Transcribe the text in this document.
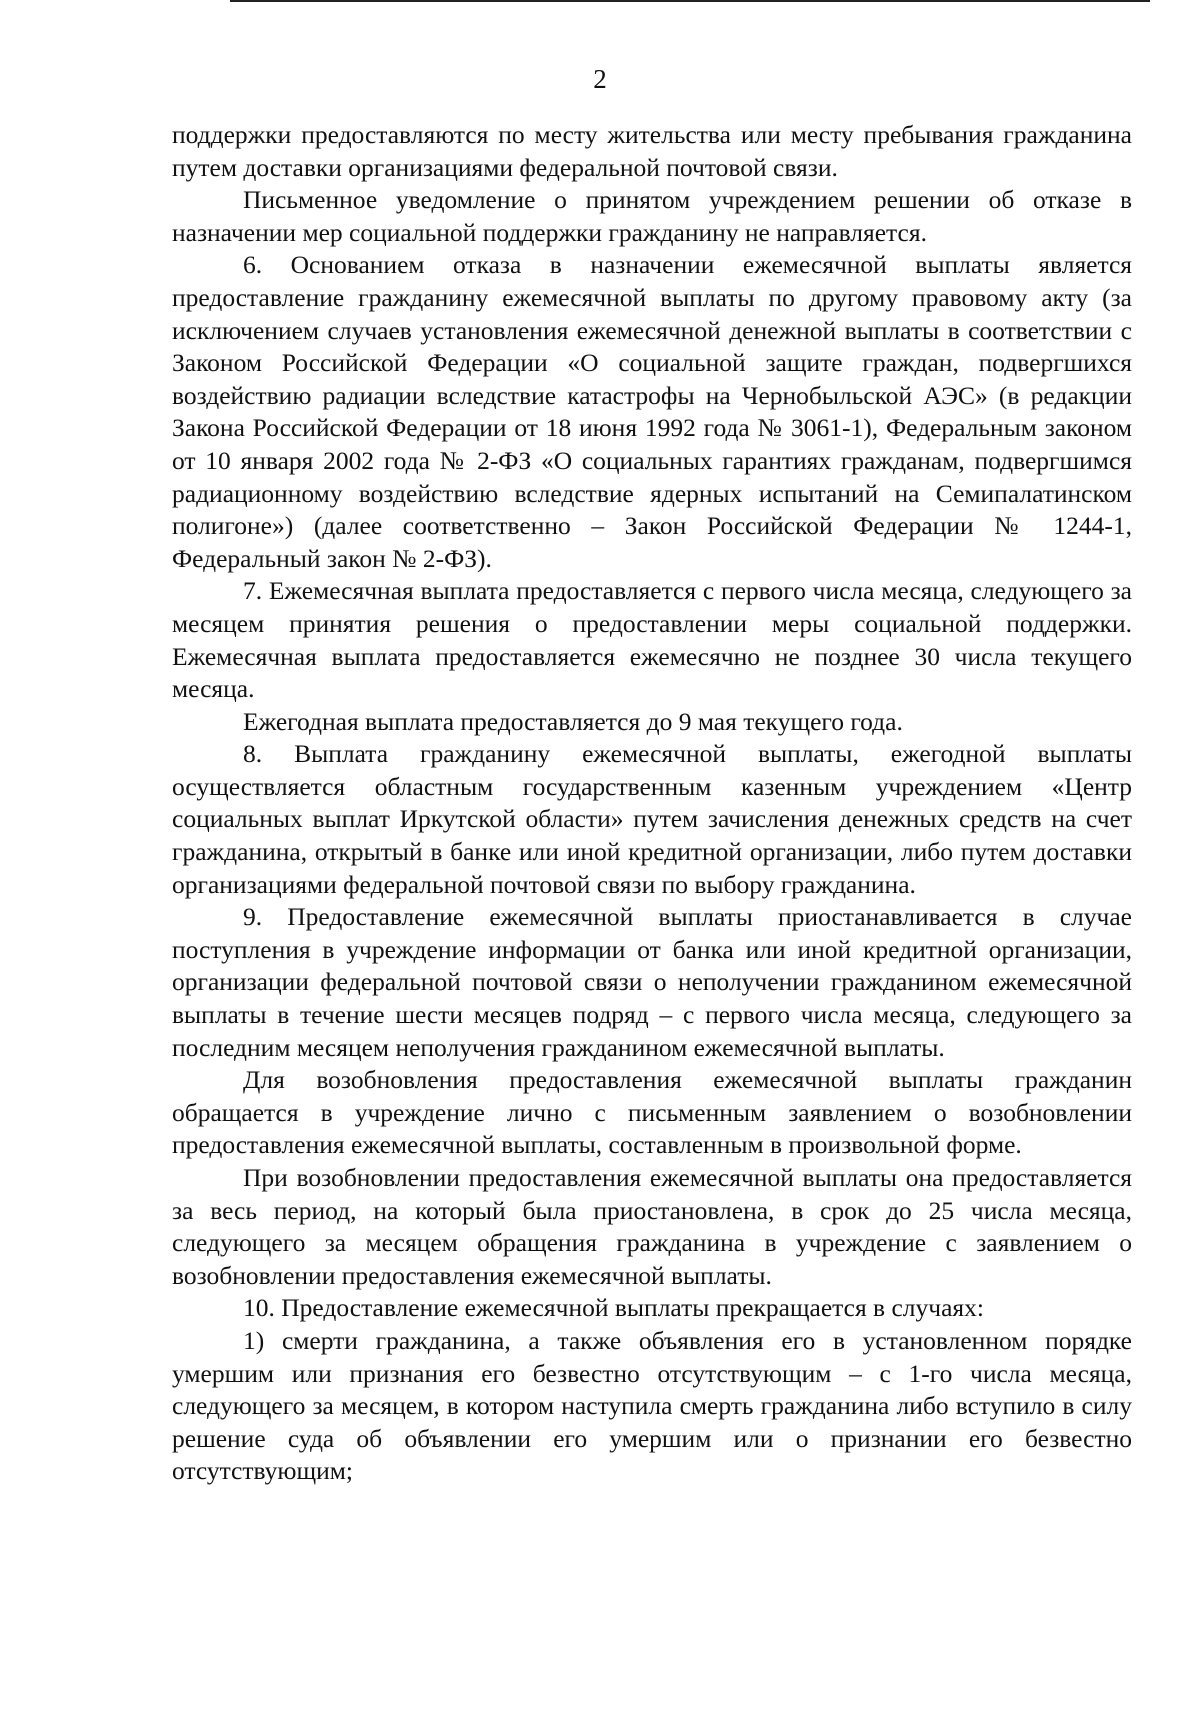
2

поддержки предоставляются по месту жительства или месту пребывания гражданина путем доставки организациями федеральной почтовой связи.

Письменное уведомление о принятом учреждением решении об отказе в назначении мер социальной поддержки гражданину не направляется.

6. Основанием отказа в назначении ежемесячной выплаты является предоставление гражданину ежемесячной выплаты по другому правовому акту (за исключением случаев установления ежемесячной денежной выплаты в соответствии с Законом Российской Федерации «О социальной защите граждан, подвергшихся воздействию радиации вследствие катастрофы на Чернобыльской АЭС» (в редакции Закона Российской Федерации от 18 июня 1992 года № 3061-1), Федеральным законом от 10 января 2002 года № 2-ФЗ «О социальных гарантиях гражданам, подвергшимся радиационному воздействию вследствие ядерных испытаний на Семипалатинском полигоне») (далее соответственно – Закон Российской Федерации № 1244-1, Федеральный закон № 2-ФЗ).

7. Ежемесячная выплата предоставляется с первого числа месяца, следующего за месяцем принятия решения о предоставлении меры социальной поддержки. Ежемесячная выплата предоставляется ежемесячно не позднее 30 числа текущего месяца.

Ежегодная выплата предоставляется до 9 мая текущего года.

8. Выплата гражданину ежемесячной выплаты, ежегодной выплаты осуществляется областным государственным казенным учреждением «Центр социальных выплат Иркутской области» путем зачисления денежных средств на счет гражданина, открытый в банке или иной кредитной организации, либо путем доставки организациями федеральной почтовой связи по выбору гражданина.

9. Предоставление ежемесячной выплаты приостанавливается в случае поступления в учреждение информации от банка или иной кредитной организации, организации федеральной почтовой связи о неполучении гражданином ежемесячной выплаты в течение шести месяцев подряд – с первого числа месяца, следующего за последним месяцем неполучения гражданином ежемесячной выплаты.

Для возобновления предоставления ежемесячной выплаты гражданин обращается в учреждение лично с письменным заявлением о возобновлении предоставления ежемесячной выплаты, составленным в произвольной форме.

При возобновлении предоставления ежемесячной выплаты она предоставляется за весь период, на который была приостановлена, в срок до 25 числа месяца, следующего за месяцем обращения гражданина в учреждение с заявлением о возобновлении предоставления ежемесячной выплаты.

10. Предоставление ежемесячной выплаты прекращается в случаях:

1) смерти гражданина, а также объявления его в установленном порядке умершим или признания его безвестно отсутствующим – с 1-го числа месяца, следующего за месяцем, в котором наступила смерть гражданина либо вступило в силу решение суда об объявлении его умершим или о признании его безвестно отсутствующим;
